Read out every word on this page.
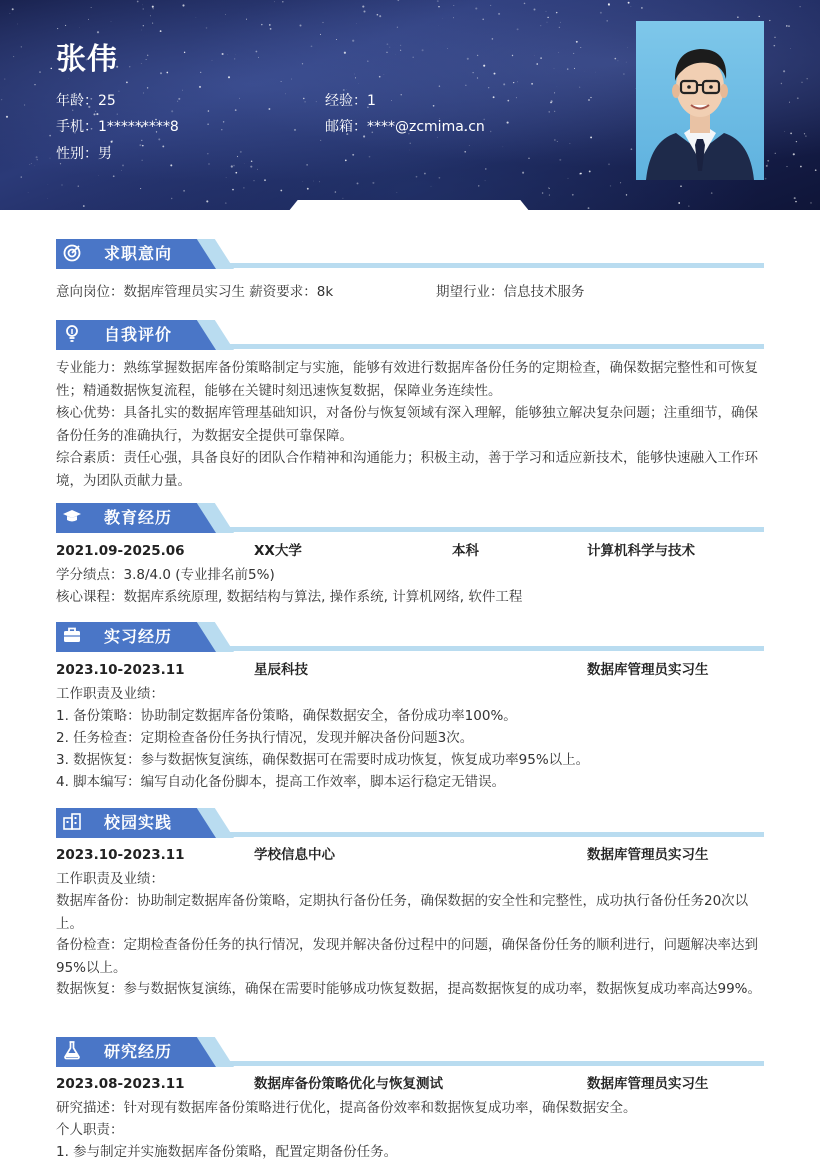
张伟
年龄：25	经验：1
手机：1*********8	邮箱：****@zcmima.cn
性别：男
求职意向
意向岗位：数据库管理员实习生 薪资要求：8k	期望行业：信息技术服务
自我评价
专业能力：熟练掌握数据库备份策略制定与实施，能够有效进行数据库备份任务的定期检查，确保数据完整性和可恢复性；精通数据恢复流程，能够在关键时刻迅速恢复数据，保障业务连续性。
核心优势：具备扎实的数据库管理基础知识，对备份与恢复领域有深入理解，能够独立解决复杂问题；注重细节，确保备份任务的准确执行，为数据安全提供可靠保障。
综合素质：责任心强，具备良好的团队合作精神和沟通能力；积极主动，善于学习和适应新技术，能够快速融入工作环境，为团队贡献力量。
教育经历
2021.09-2025.06	XX大学	本科	计算机科学与技术
学分绩点：3.8/4.0 (专业排名前5%)
核心课程：数据库系统原理, 数据结构与算法, 操作系统, 计算机网络, 软件工程
实习经历
2023.10-2023.11	星辰科技	数据库管理员实习生
工作职责及业绩：
1. 备份策略：协助制定数据库备份策略，确保数据安全，备份成功率100%。
2. 任务检查：定期检查备份任务执行情况，发现并解决备份问题3次。
3. 数据恢复：参与数据恢复演练，确保数据可在需要时成功恢复，恢复成功率95%以上。
4. 脚本编写：编写自动化备份脚本，提高工作效率，脚本运行稳定无错误。
校园实践
2023.10-2023.11	学校信息中心	数据库管理员实习生
工作职责及业绩：
数据库备份：协助制定数据库备份策略，定期执行备份任务，确保数据的安全性和完整性，成功执行备份任务20次以上。
备份检查：定期检查备份任务的执行情况，发现并解决备份过程中的问题，确保备份任务的顺利进行，问题解决率达到95%以上。
数据恢复：参与数据恢复演练，确保在需要时能够成功恢复数据，提高数据恢复的成功率，数据恢复成功率高达99%。
研究经历
2023.08-2023.11	数据库备份策略优化与恢复测试	数据库管理员实习生
研究描述：针对现有数据库备份策略进行优化，提高备份效率和数据恢复成功率，确保数据安全。
个人职责：
1. 参与制定并实施数据库备份策略，配置定期备份任务。
